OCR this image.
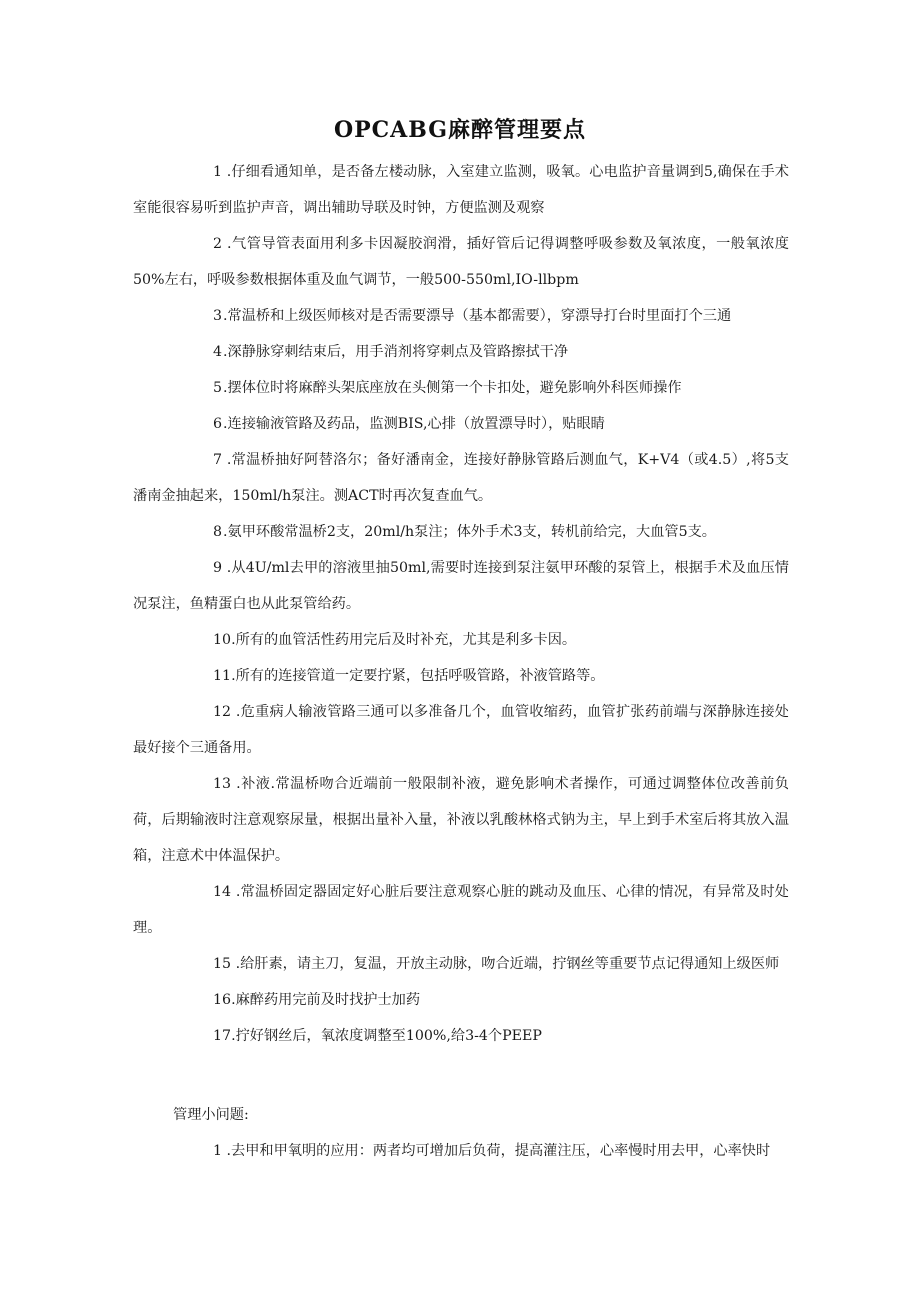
OPCABG麻醉管理要点
1 .仔细看通知单，是否备左楼动脉，入室建立监测，吸氧。心电监护音量调到5,确保在手术室能很容易听到监护声音，调出辅助导联及时钟，方便监测及观察
2 .气管导管表面用利多卡因凝胶润滑，插好管后记得调整呼吸参数及氧浓度，一般氧浓度50%左右，呼吸参数根据体重及血气调节，一般500-550ml,IO-llbpm
3.常温桥和上级医师核对是否需要漂导（基本都需要），穿漂导打台时里面打个三通
4.深静脉穿刺结束后，用手消剂将穿刺点及管路擦拭干净
5.摆体位时将麻醉头架底座放在头侧第一个卡扣处，避免影响外科医师操作
6.连接输液管路及药品，监测BIS,心排（放置漂导时），贴眼睛
7 .常温桥抽好阿替洛尔；备好潘南金，连接好静脉管路后测血气，K+V4（或4.5）,将5支潘南金抽起来，150ml/h泵注。测ACT时再次复查血气。
8.氨甲环酸常温桥2支，20ml/h泵注；体外手术3支，转机前给完，大血管5支。
9 .从4U/ml去甲的溶液里抽50ml,需要时连接到泵注氨甲环酸的泵管上，根据手术及血压情况泵注，鱼精蛋白也从此泵管给药。
10.所有的血管活性药用完后及时补充，尤其是利多卡因。
11.所有的连接管道一定要拧紧，包括呼吸管路，补液管路等。
12 .危重病人输液管路三通可以多准备几个，血管收缩药，血管扩张药前端与深静脉连接处最好接个三通备用。
13 .补液.常温桥吻合近端前一般限制补液，避免影响术者操作，可通过调整体位改善前负荷，后期输液时注意观察尿量，根据出量补入量，补液以乳酸林格式钠为主，早上到手术室后将其放入温箱，注意术中体温保护。
14 .常温桥固定器固定好心脏后要注意观察心脏的跳动及血压、心律的情况，有异常及时处理。
15 .给肝素，请主刀，复温，开放主动脉，吻合近端，拧钢丝等重要节点记得通知上级医师
16.麻醉药用完前及时找护士加药
17.拧好钢丝后，氧浓度调整至100%,给3-4个PEEP
管理小问题:
1 .去甲和甲氧明的应用：两者均可增加后负荷，提高灌注压，心率慢时用去甲，心率快时
